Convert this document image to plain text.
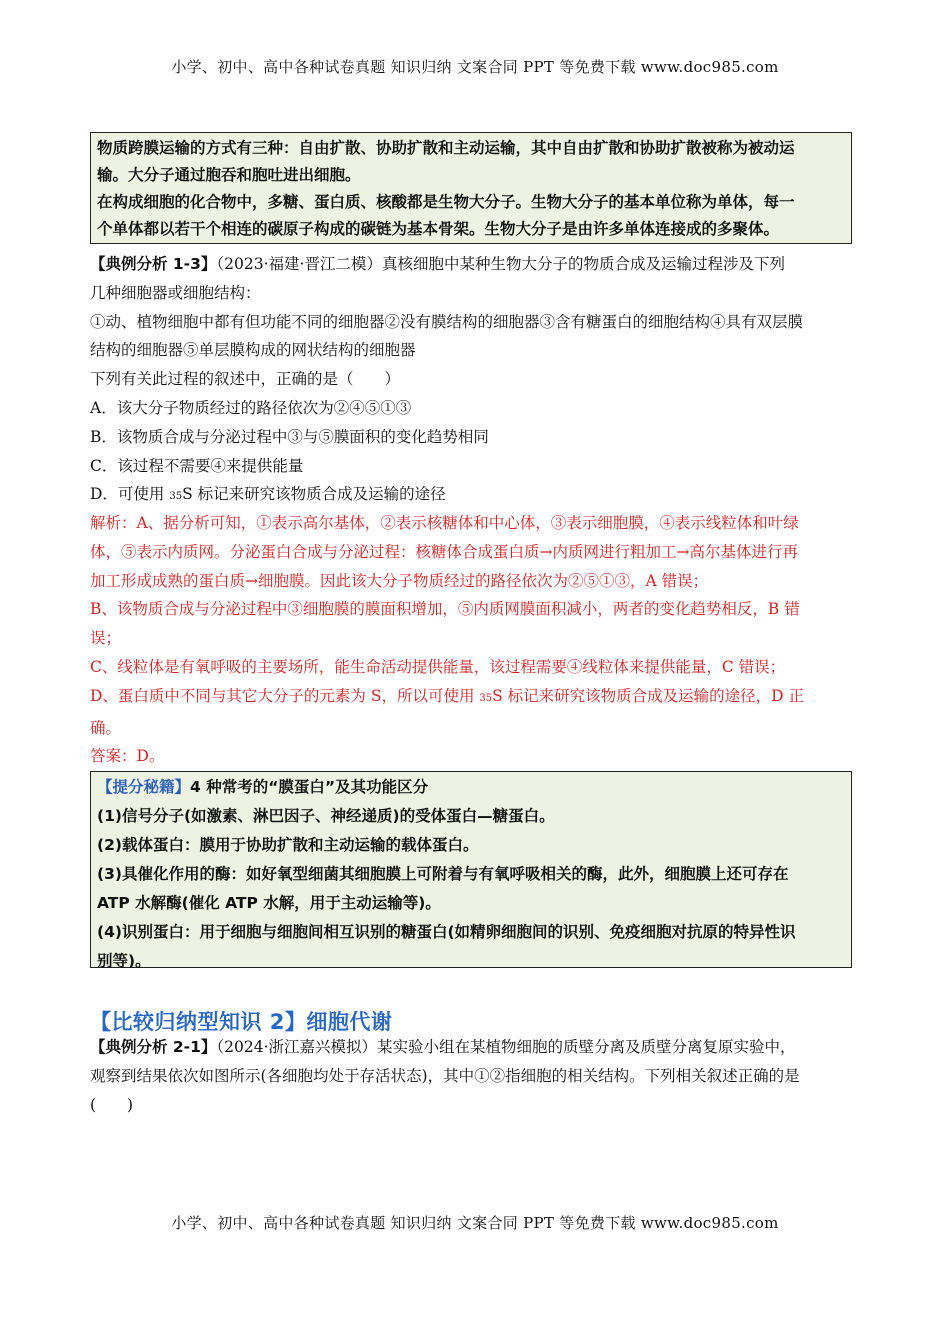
小学、初中、高中各种试卷真题 知识归纳 文案合同 PPT 等免费下载 www.doc985.com
物质跨膜运输的方式有三种：自由扩散、协助扩散和主动运输，其中自由扩散和协助扩散被称为被动运
输。大分子通过胞吞和胞吐进出细胞。
在构成细胞的化合物中，多糖、蛋白质、核酸都是生物大分子。生物大分子的基本单位称为单体，每一
个单体都以若干个相连的碳原子构成的碳链为基本骨架。生物大分子是由许多单体连接成的多聚体。
【典例分析 1-3】（2023·福建·晋江二模）真核细胞中某种生物大分子的物质合成及运输过程涉及下列
几种细胞器或细胞结构：
①动、植物细胞中都有但功能不同的细胞器②没有膜结构的细胞器③含有糖蛋白的细胞结构④具有双层膜
结构的细胞器⑤单层膜构成的网状结构的细胞器
下列有关此过程的叙述中，正确的是（　　）
A．该大分子物质经过的路径依次为②④⑤①③
B．该物质合成与分泌过程中③与⑤膜面积的变化趋势相同
C．该过程不需要④来提供能量
D．可使用 35S 标记来研究该物质合成及运输的途径
解析：A、据分析可知，①表示高尔基体，②表示核糖体和中心体，③表示细胞膜，④表示线粒体和叶绿
体，⑤表示内质网。分泌蛋白合成与分泌过程：核糖体合成蛋白质→内质网进行粗加工→高尔基体进行再
加工形成成熟的蛋白质→细胞膜。因此该大分子物质经过的路径依次为②⑤①③，A 错误；
B、该物质合成与分泌过程中③细胞膜的膜面积增加，⑤内质网膜面积减小，两者的变化趋势相反，B 错
误；
C、线粒体是有氧呼吸的主要场所，能生命活动提供能量，该过程需要④线粒体来提供能量，C 错误；
D、蛋白质中不同与其它大分子的元素为 S，所以可使用 35S 标记来研究该物质合成及运输的途径，D 正
确。
答案：D。
【提分秘籍】4 种常考的“膜蛋白”及其功能区分
(1)信号分子(如激素、淋巴因子、神经递质)的受体蛋白—糖蛋白。
(2)载体蛋白：膜用于协助扩散和主动运输的载体蛋白。
(3)具催化作用的酶：如好氧型细菌其细胞膜上可附着与有氧呼吸相关的酶，此外，细胞膜上还可存在
ATP 水解酶(催化 ATP 水解，用于主动运输等)。
(4)识别蛋白：用于细胞与细胞间相互识别的糖蛋白(如精卵细胞间的识别、免疫细胞对抗原的特异性识
别等)。
【比较归纳型知识 2】细胞代谢
【典例分析 2-1】（2024·浙江嘉兴模拟）某实验小组在某植物细胞的质壁分离及质壁分离复原实验中，
观察到结果依次如图所示(各细胞均处于存活状态)，其中①②指细胞的相关结构。下列相关叙述正确的是
(　　)
小学、初中、高中各种试卷真题 知识归纳 文案合同 PPT 等免费下载 www.doc985.com
